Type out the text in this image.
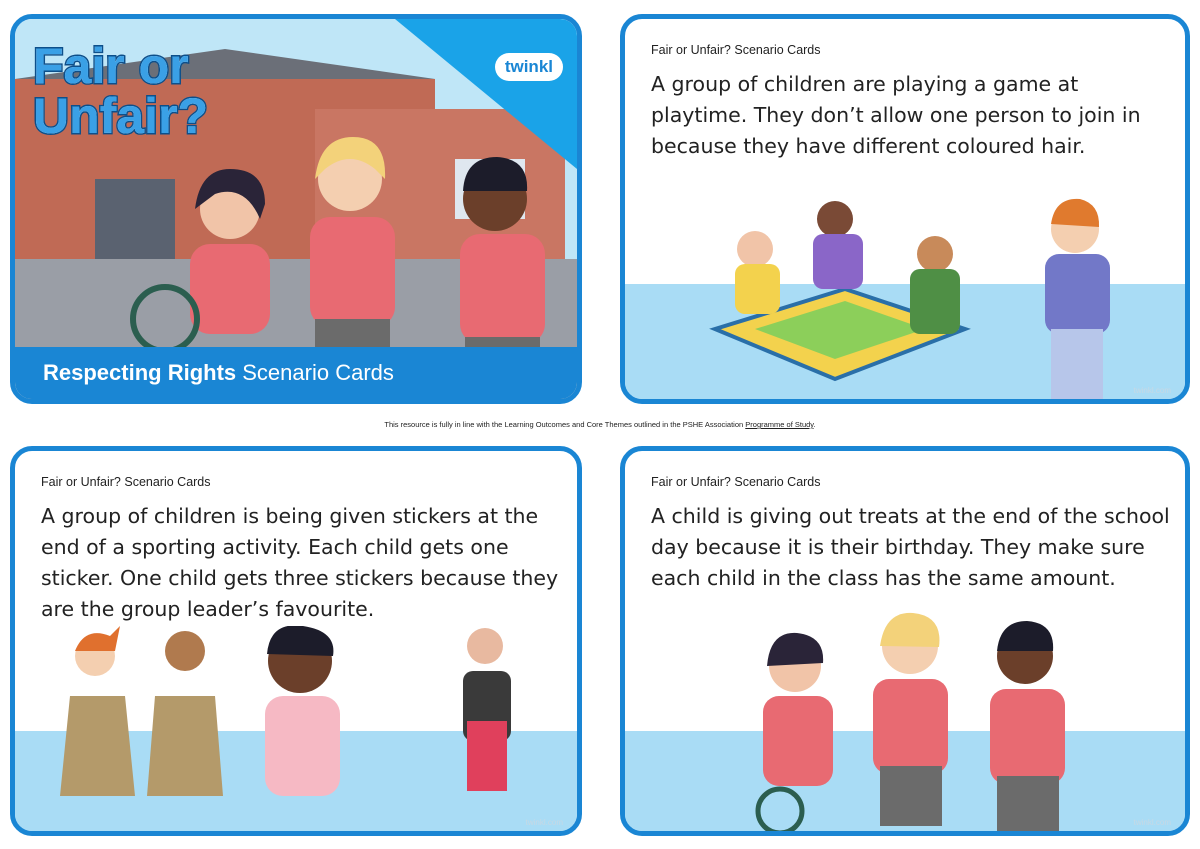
Fair or
Unfair?
twinkl
Respecting Rights Scenario Cards
Fair or Unfair? Scenario Cards
A group of children are playing a game at playtime. They don’t allow one person to join in because they have different coloured hair.
twinkl.com
This resource is fully in line with the Learning Outcomes and Core Themes outlined in the PSHE Association Programme of Study.
Fair or Unfair? Scenario Cards
A group of children is being given stickers at the end of a sporting activity. Each child gets one sticker. One child gets three stickers because they are the group leader’s favourite.
twinkl.com
Fair or Unfair? Scenario Cards
A child is giving out treats at the end of the school day because it is their birthday. They make sure each child in the class has the same amount.
twinkl.com
